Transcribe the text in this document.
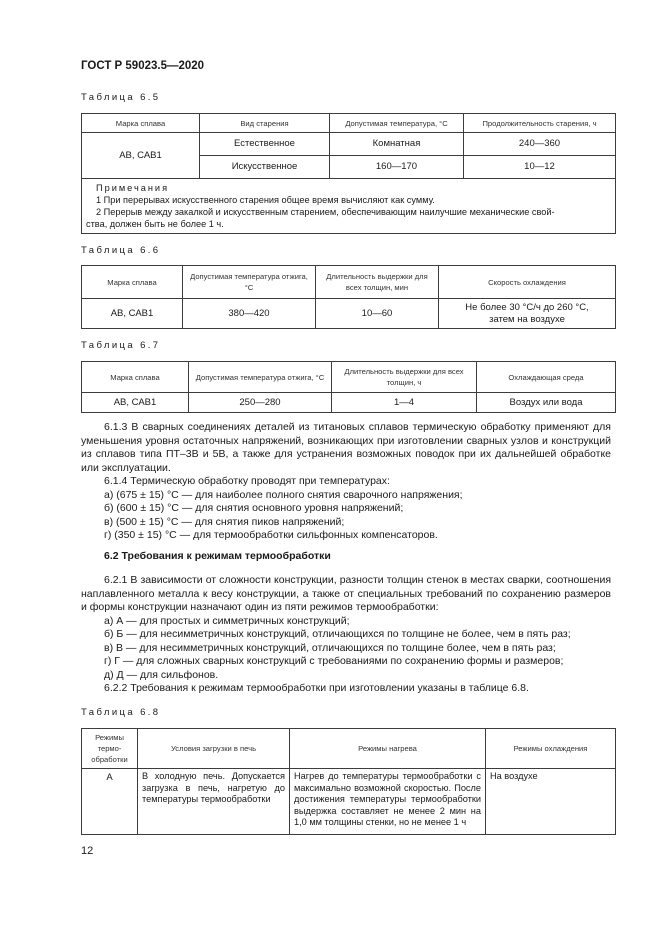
ГОСТ Р 59023.5—2020
Таблица 6.5
Марка сплава	Вид старения	Допустимая температура, °С	Продолжительность старения, ч
АВ, САВ1	Естественное	Комнатная	240—360
	Искусственное	160—170	10—12

Примечания
1 При перерывах искусственного старения общее время вычисляют как сумму.
2 Перерыв между закалкой и искусственным старением, обеспечивающим наилучшие механические свой-
ства, должен быть не более 1 ч.			
Таблица 6.6
Марка сплава	Допустимая температура отжига, °С	Длительность выдержки для всех толщин, мин	Скорость охлаждения
АВ, САВ1	380—420	10—60	Не более 30 °С/ч до 260 °С,
затем на воздухе
Таблица 6.7
Марка сплава	Допустимая температура отжига, °С	Длительность выдержки для всех толщин, ч	Охлаждающая среда
АВ, САВ1	250—280	1—4	Воздух или вода

6.1.3 В сварных соединениях деталей из титановых сплавов термическую обработку применяют для уменьшения уровня остаточных напряжений, возникающих при изготовлении сварных узлов и конструкций из сплавов типа ПТ–3В и 5В, а также для устранения возможных поводок при их дальнейшей обработке или эксплуатации.

6.1.4 Термическую обработку проводят при температурах:

а) (675 ± 15) °С — для наиболее полного снятия сварочного напряжения;
б) (600 ± 15) °С — для снятия основного уровня напряжений;
в) (500 ± 15) °С — для снятия пиков напряжений;
г) (350 ± 15) °С — для термообработки сильфонных компенсаторов.
6.2 Требования к режимам термообработки

6.2.1 В зависимости от сложности конструкции, разности толщин стенок в местах сварки, соотношения наплавленного металла к весу конструкции, а также от специальных требований по сохранению размеров и формы конструкции назначают один из пяти режимов термообработки:

а) А — для простых и симметричных конструкций;
б) Б — для несимметричных конструкций, отличающихся по толщине не более, чем в пять раз;
в) В — для несимметричных конструкций, отличающихся по толщине более, чем в пять раз;
г) Г — для сложных сварных конструкций с требованиями по сохранению формы и размеров;
д) Д — для сильфонов.

6.2.2 Требования к режимам термообработки при изготовлении указаны в таблице 6.8.

Таблица 6.8
Режимы
термо-
обработки	Условия загрузки в печь	Режимы нагрева	Режимы охлаждения
А	В холодную печь. Допускается загрузка в печь, нагретую до температуры термообработки	Нагрев до температуры термообработки с максимально возможной скоростью. После достижения температуры термообработки выдержка составляет не менее 2 мин на 1,0 мм толщины стенки, но не менее 1 ч	На воздухе
12
